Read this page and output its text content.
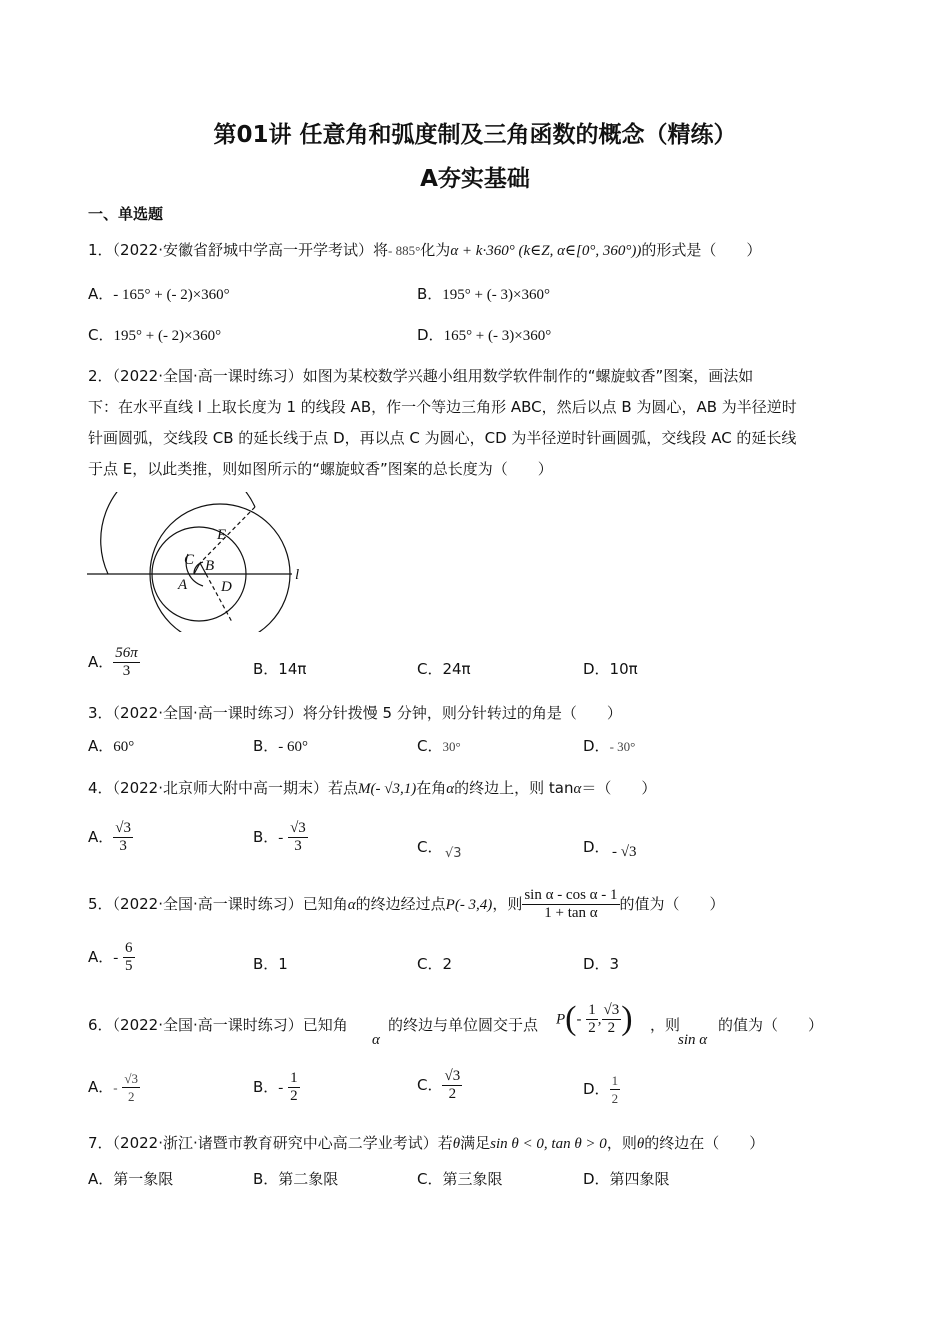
第01讲 任意角和弧度制及三角函数的概念（精练）
A夯实基础
一、单选题
1．（2022·安徽省舒城中学高一开学考试）将- 885°化为α + k·360° (k∈Z, α∈[0°, 360°))的形式是（　　）
A．- 165° + (- 2)×360°	B．195° + (- 3)×360°
C．195° + (- 2)×360°	D．165° + (- 3)×360°
2．（2022·全国·高一课时练习）如图为某校数学兴趣小组用数学软件制作的“螺旋蚊香”图案，画法如
下：在水平直线 l 上取长度为 1 的线段 AB，作一个等边三角形 ABC，然后以点 B 为圆心，AB 为半径逆时
针画圆弧，交线段 CB 的延长线于点 D，再以点 C 为圆心，CD 为半径逆时针画圆弧，交线段 AC 的延长线
于点 E，以此类推，则如图所示的“螺旋蚊香”图案的总长度为（　　）
C B
A D
E
l
A． $\frac{56\pi}{3}$	B．14π	C．24π	D．10π
3．（2022·全国·高一课时练习）将分针拨慢 5 分钟，则分针转过的角是（　　）
A．60°	B．- 60°	C．30°	D．- 30°
4．（2022·北京师大附中高一期末）若点M(- √3,1)在角α的终边上，则 tanα＝（　　）
A． $\frac{√3}{3}$	B．- $\frac{√3}{3}$	C． √3	D． - √3
5．（2022·全国·高一课时练习）已知角α的终边经过点P(- 3,4)，则 $\frac{\text{sin α - cos α - 1}}{\text{1 + tan α}}$ 的值为（　　）
A．- $\frac{6}{5}$	B．1	C．2	D．3
6．（2022·全国·高一课时练习）已知角
α
的终边与单位圆交于点 $P(- \frac{1}{2}$ , $\frac{√3}{2}$ ) ，则
sin α
的值为（　　）
A．- $\frac{√3}{2}$	B．- $\frac{1}{2}$	C． $\frac{√3}{2}$	D． $\frac{1}{2}$
7．（2022·浙江·诸暨市教育研究中心高二学业考试）若θ满足sin θ < 0, tan θ > 0，则θ的终边在（　　）
A．第一象限	B．第二象限	C．第三象限	D．第四象限
